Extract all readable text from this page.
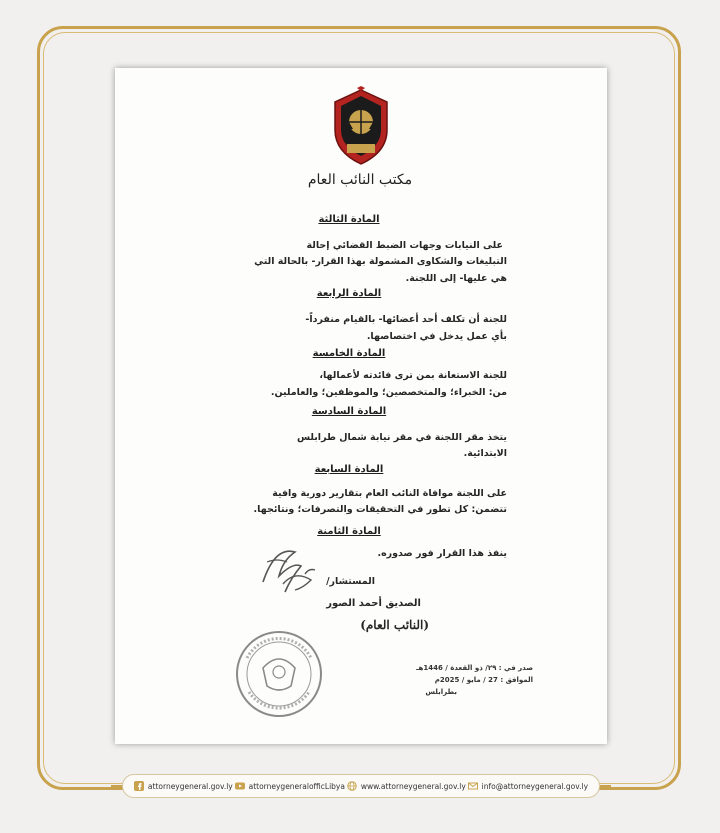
مكتب النائب العام
المادة الثالثة
على النيابات وجهات الضبط القضائي إحالة
التبليغات والشكاوى المشمولة بهذا القرار- بالحالة التي
هي عليها- إلى اللجنة.
المادة الرابعة
للجنة أن تكلف أحد أعضائها- بالقيام منفرداً-
بأي عمل يدخل في اختصاصها.
المادة الخامسة
للجنة الاستعانة بمن ترى فائدته لأعمالها،
من: الخبراء؛ والمتخصصين؛ والموظفين؛ والعاملين.
المادة السادسة
يتخذ مقر اللجنة في مقر نيابة شمال طرابلس
الابتدائية.
المادة السابعة
على اللجنة موافاة النائب العام بتقارير دورية وافية
تتضمن: كل تطور في التحقيقات والتصرفات؛ ونتائجها.
المادة الثامنة
ينفذ هذا القرار فور صدوره.
المستشار/
الصديق أحمد الصور
(النائب العام)
صدر في : ٢٩/ ذو القعدة / 1446هـ
الموافق : 27 / مايو / 2025م
بطرابلس
attorneygeneral.gov.ly attorneygeneralofficLibya www.attorneygeneral.gov.ly info@attorneygeneral.gov.ly
